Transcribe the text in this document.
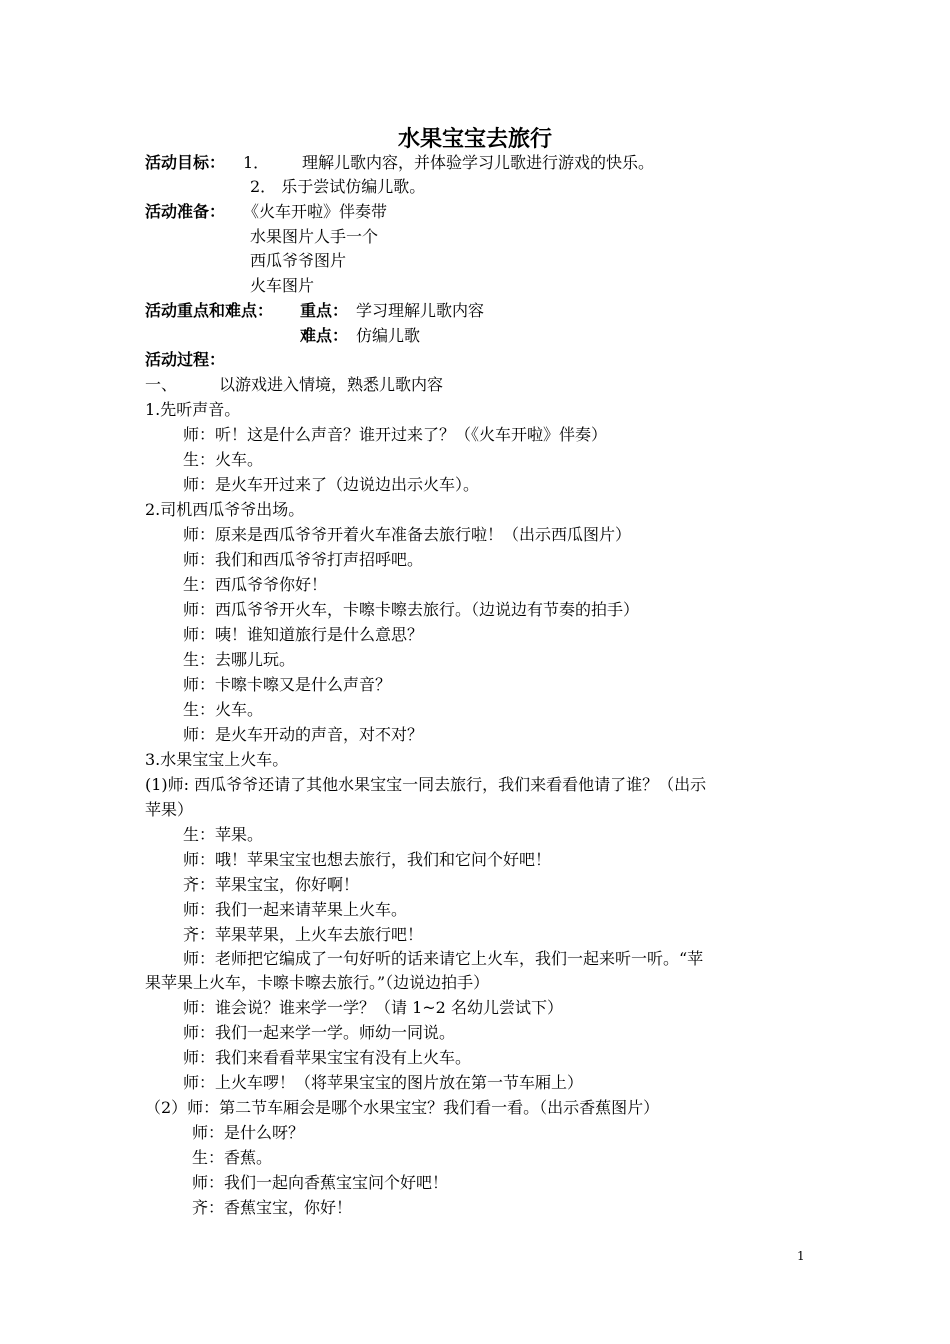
水果宝宝去旅行
活动目标： 1． 理解儿歌内容，并体验学习儿歌进行游戏的快乐。
2． 乐于尝试仿编儿歌。
活动准备： 《火车开啦》伴奏带
水果图片人手一个
西瓜爷爷图片
火车图片
活动重点和难点： 重点： 学习理解儿歌内容
难点： 仿编儿歌
活动过程：
一、	以游戏进入情境，熟悉儿歌内容
1.先听声音。
师：听！这是什么声音？谁开过来了？（《火车开啦》伴奏）
生：火车。
师：是火车开过来了（边说边出示火车）。
2.司机西瓜爷爷出场。
师：原来是西瓜爷爷开着火车准备去旅行啦！（出示西瓜图片）
师：我们和西瓜爷爷打声招呼吧。
生：西瓜爷爷你好！
师：西瓜爷爷开火车，卡嚓卡嚓去旅行。（边说边有节奏的拍手）
师：咦！谁知道旅行是什么意思？
生：去哪儿玩。
师：卡嚓卡嚓又是什么声音？
生：火车。
师：是火车开动的声音，对不对？
3.水果宝宝上火车。
(1)师: 西瓜爷爷还请了其他水果宝宝一同去旅行，我们来看看他请了谁？（出示
苹果）
生：苹果。
师：哦！苹果宝宝也想去旅行，我们和它问个好吧！
齐：苹果宝宝，你好啊！
师：我们一起来请苹果上火车。
齐：苹果苹果，上火车去旅行吧！
师：老师把它编成了一句好听的话来请它上火车，我们一起来听一听。“苹
果苹果上火车，卡嚓卡嚓去旅行。”（边说边拍手）
师：谁会说？谁来学一学？（请 1~2 名幼儿尝试下）
师：我们一起来学一学。师幼一同说。
师：我们来看看苹果宝宝有没有上火车。
师：上火车啰！（将苹果宝宝的图片放在第一节车厢上）
（2）师：第二节车厢会是哪个水果宝宝？我们看一看。（出示香蕉图片）
师：是什么呀？
生：香蕉。
师：我们一起向香蕉宝宝问个好吧！
齐：香蕉宝宝，你好！
1
